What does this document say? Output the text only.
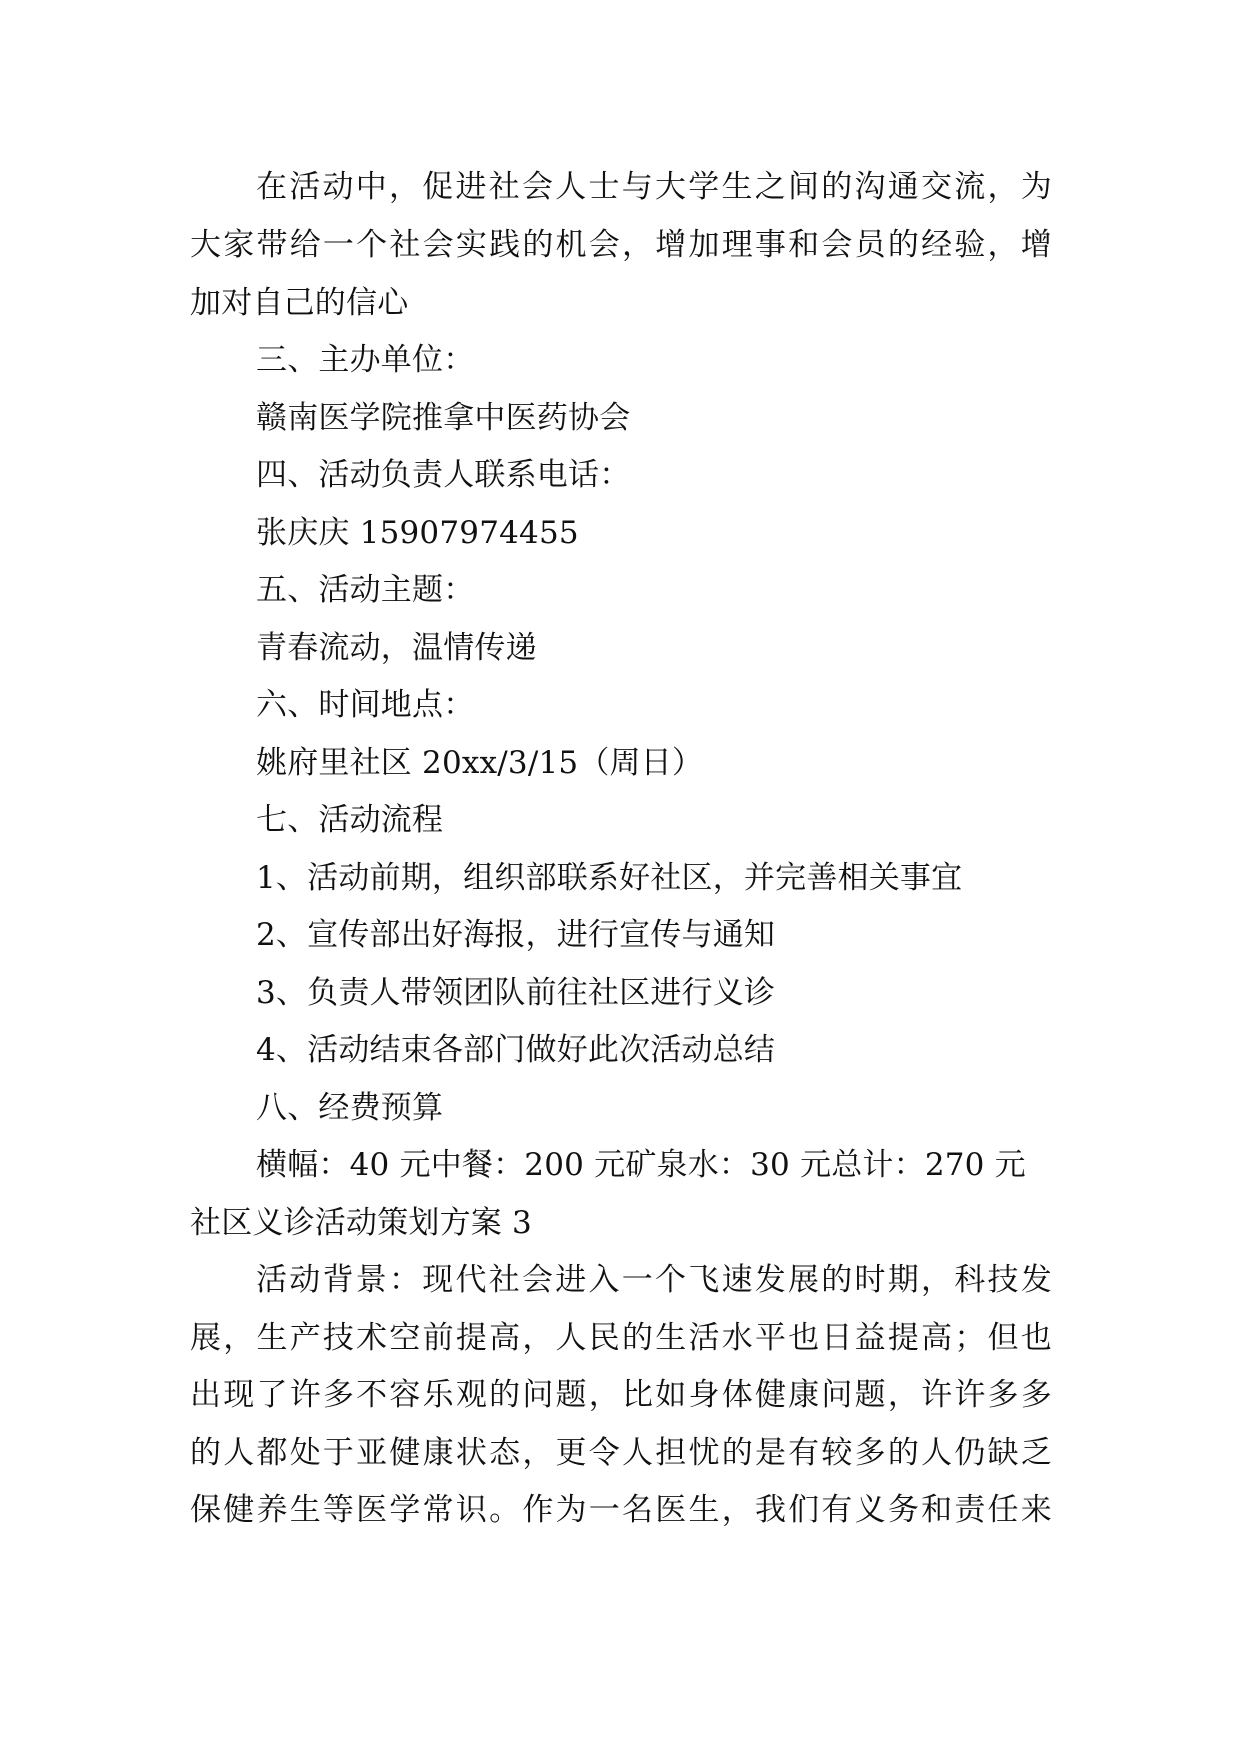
在活动中，促进社会人士与大学生之间的沟通交流，为
大家带给一个社会实践的机会，增加理事和会员的经验，增
加对自己的信心
三、主办单位：
赣南医学院推拿中医药协会
四、活动负责人联系电话：
张庆庆 15907974455
五、活动主题：
青春流动，温情传递
六、时间地点：
姚府里社区 20xx/3/15（周日）
七、活动流程
1、活动前期，组织部联系好社区，并完善相关事宜
2、宣传部出好海报，进行宣传与通知
3、负责人带领团队前往社区进行义诊
4、活动结束各部门做好此次活动总结
八、经费预算
横幅：40 元中餐：200 元矿泉水：30 元总计：270 元
社区义诊活动策划方案 3
活动背景：现代社会进入一个飞速发展的时期，科技发
展，生产技术空前提高，人民的生活水平也日益提高；但也
出现了许多不容乐观的问题，比如身体健康问题，许许多多
的人都处于亚健康状态，更令人担忧的是有较多的人仍缺乏
保健养生等医学常识。作为一名医生，我们有义务和责任来
